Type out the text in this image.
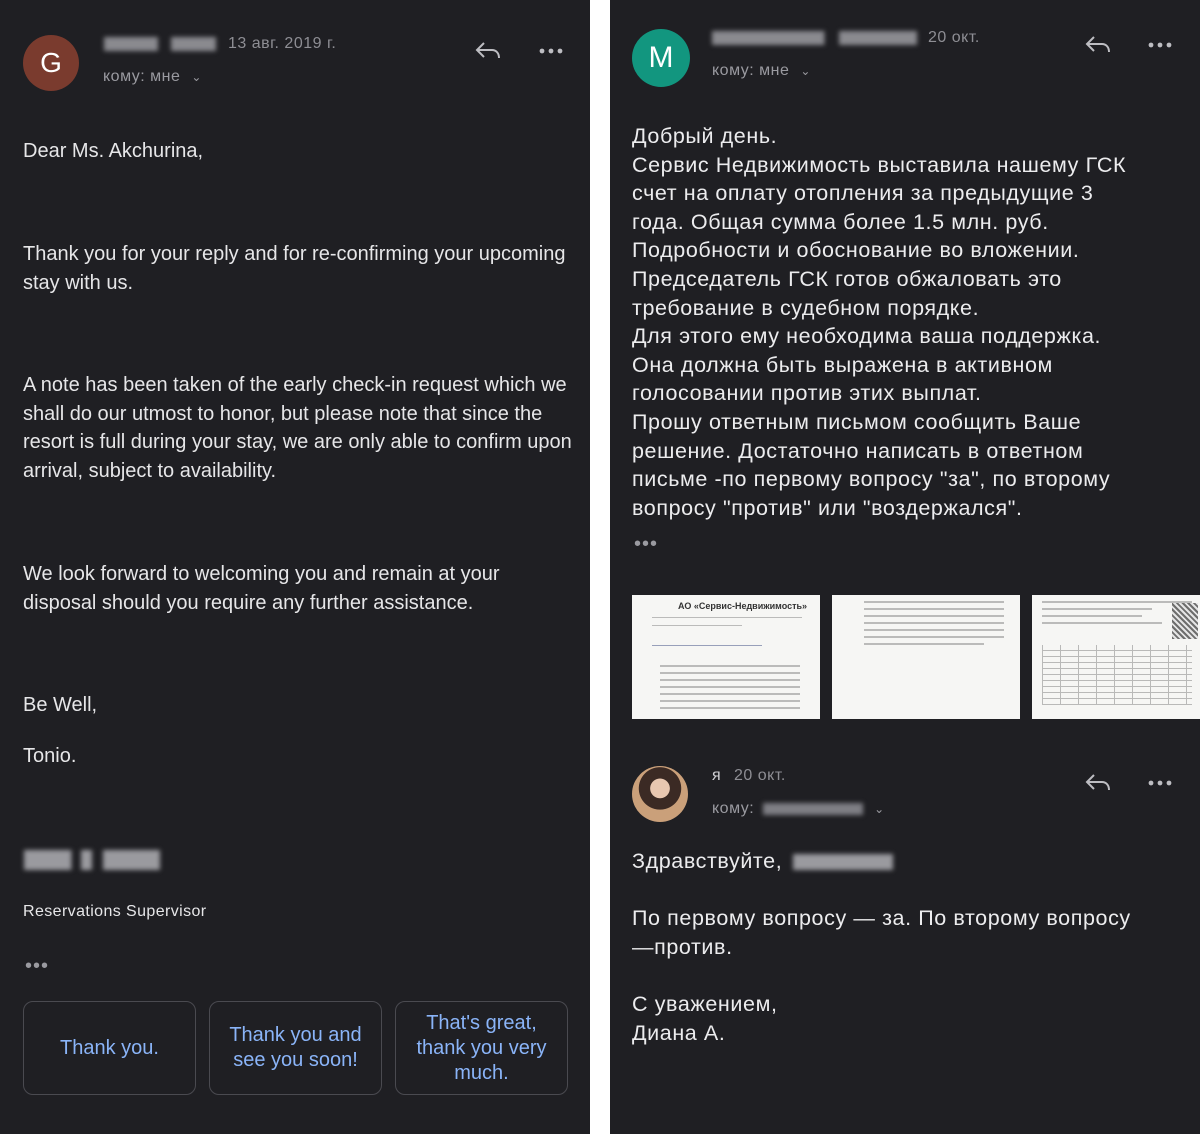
G
13 авг. 2019 г.
кому: мне ⌄
Dear Ms. Akchurina,
Thank you for your reply and for re-confirming your upcoming stay with us.
A note has been taken of the early check-in request which we shall do our utmost to honor, but please note that since the resort is full during your stay, we are only able to confirm upon arrival, subject to availability.
We look forward to welcoming you and remain at your disposal should you require any further assistance.
Be Well,
Tonio.
Reservations Supervisor
•••
Thank you.
Thank you and see you soon!
That's great, thank you very much.
M
20 окт.
кому: мне ⌄
Добрый день.
Сервис Недвижимость выставила нашему ГСК
счет на оплату отопления за предыдущие 3
года. Общая сумма более 1.5 млн. руб.
Подробности и обоснование во вложении.
Председатель ГСК готов обжаловать это
требование в судебном порядке.
Для этого ему необходима ваша поддержка.
Она должна быть выражена в активном
голосовании против этих выплат.
Прошу ответным письмом сообщить Ваше
решение. Достаточно написать в ответном
письме -по первому вопросу "за", по второму
вопросу "против" или "воздержался".
•••
АО «Сервис-Недвижимость»
я 20 окт.
кому:	⌄
Здравствуйте,
По первому вопросу — за. По второму вопросу
—против.
С уважением,
Диана А.
